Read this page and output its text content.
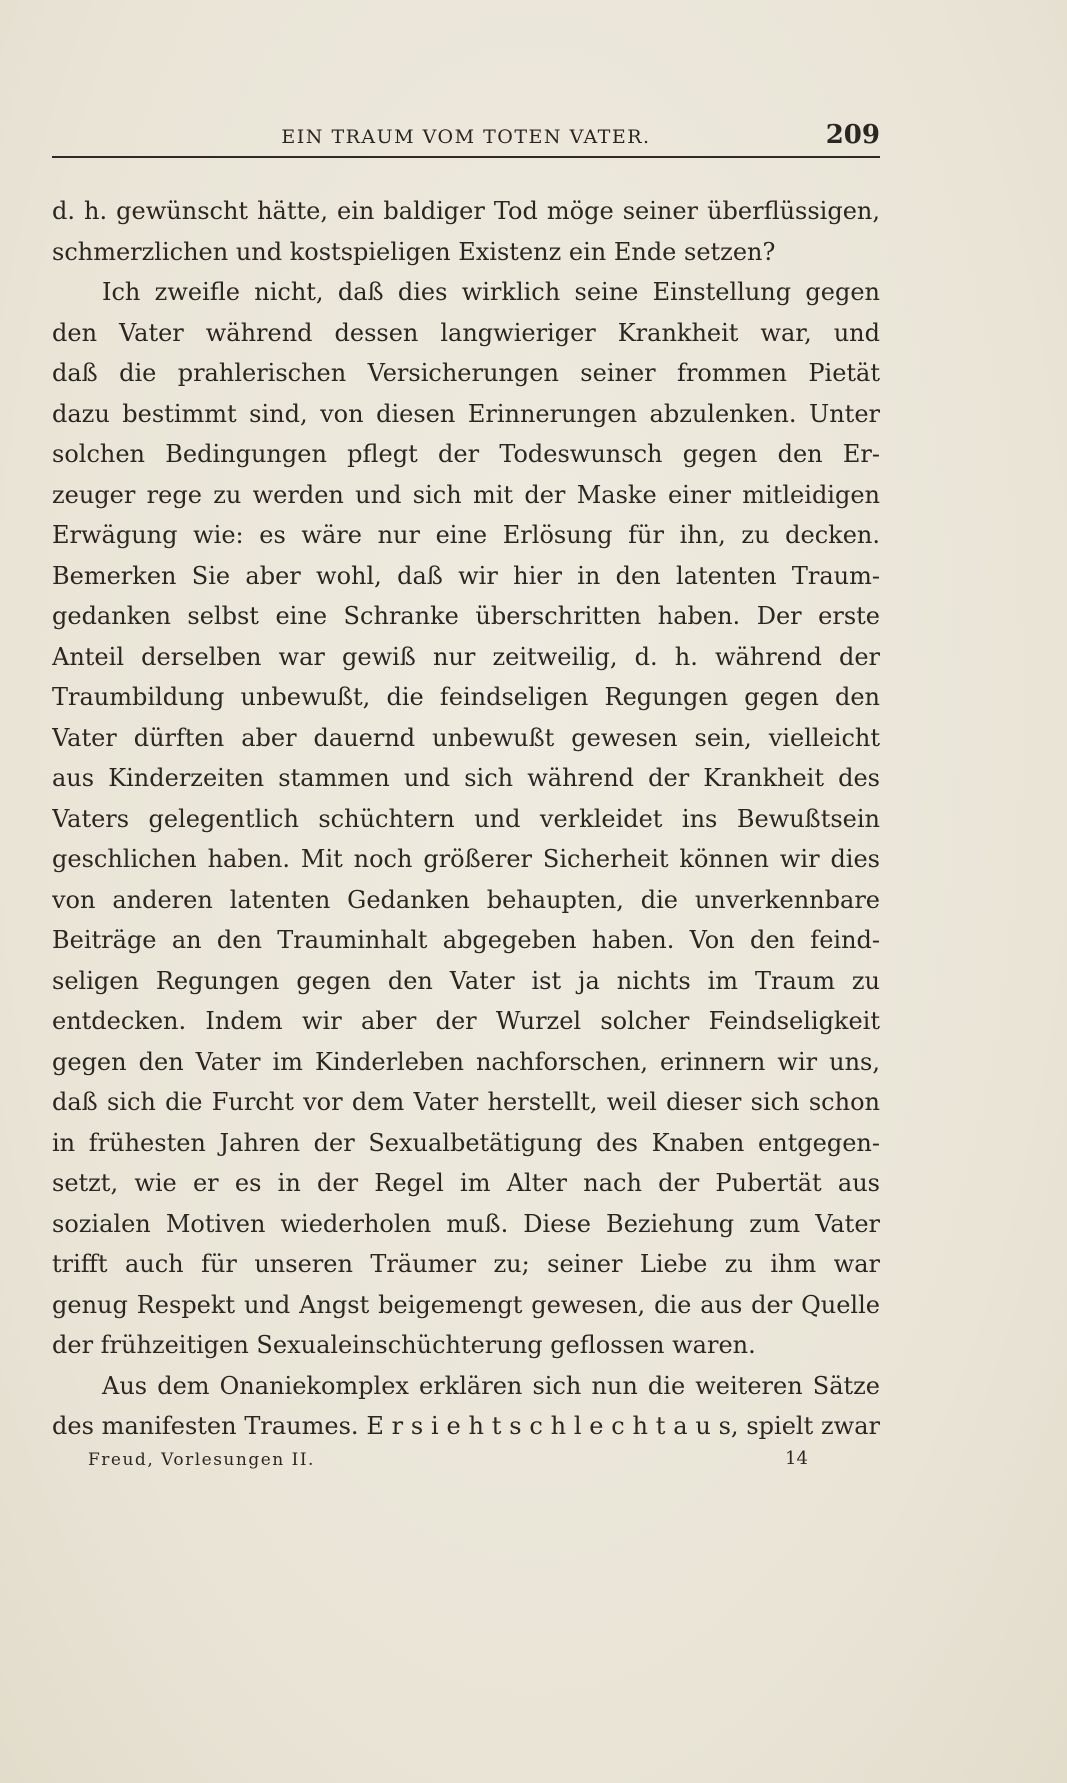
EIN TRAUM VOM TOTEN VATER.	209
d. h. gewünscht hätte, ein baldiger Tod möge seiner überflüssigen,
schmerzlichen und kostspieligen Existenz ein Ende setzen?
Ich zweifle nicht, daß dies wirklich seine Einstellung gegen
den Vater während dessen langwieriger Krankheit war, und
daß die prahlerischen Versicherungen seiner frommen Pietät
dazu bestimmt sind, von diesen Erinnerungen abzulenken. Unter
solchen Bedingungen pflegt der Todeswunsch gegen den Er-
zeuger rege zu werden und sich mit der Maske einer mitleidigen
Erwägung wie: es wäre nur eine Erlösung für ihn, zu decken.
Bemerken Sie aber wohl, daß wir hier in den latenten Traum-
gedanken selbst eine Schranke überschritten haben. Der erste
Anteil derselben war gewiß nur zeitweilig, d. h. während der
Traumbildung unbewußt, die feindseligen Regungen gegen den
Vater dürften aber dauernd unbewußt gewesen sein, vielleicht
aus Kinderzeiten stammen und sich während der Krankheit des
Vaters gelegentlich schüchtern und verkleidet ins Bewußtsein
geschlichen haben. Mit noch größerer Sicherheit können wir dies
von anderen latenten Gedanken behaupten, die unverkennbare
Beiträge an den Trauminhalt abgegeben haben. Von den feind-
seligen Regungen gegen den Vater ist ja nichts im Traum zu
entdecken. Indem wir aber der Wurzel solcher Feindseligkeit
gegen den Vater im Kinderleben nachforschen, erinnern wir uns,
daß sich die Furcht vor dem Vater herstellt, weil dieser sich schon
in frühesten Jahren der Sexualbetätigung des Knaben entgegen-
setzt, wie er es in der Regel im Alter nach der Pubertät aus
sozialen Motiven wiederholen muß. Diese Beziehung zum Vater
trifft auch für unseren Träumer zu; seiner Liebe zu ihm war
genug Respekt und Angst beigemengt gewesen, die aus der Quelle
der frühzeitigen Sexualeinschüchterung geflossen waren.
Aus dem Onaniekomplex erklären sich nun die weiteren Sätze
des manifesten Traumes. E r s i e h t s c h l e c h t a u s, spielt zwar
Freud, Vorlesungen II.	14
